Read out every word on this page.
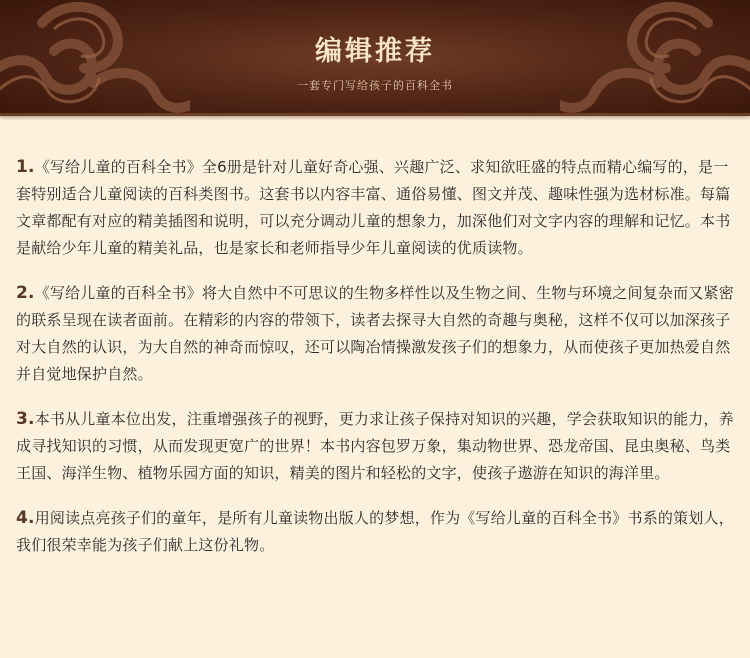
编辑推荐
一套专门写给孩子的百科全书

1.《写给儿童的百科全书》全6册是针对儿童好奇心强、兴趣广泛、求知欲旺盛的特点而精心编写的，是一套特别适合儿童阅读的百科类图书。这套书以内容丰富、通俗易懂、图文并茂、趣味性强为选材标准。每篇文章都配有对应的精美插图和说明，可以充分调动儿童的想象力，加深他们对文字内容的理解和记忆。本书是献给少年儿童的精美礼品，也是家长和老师指导少年儿童阅读的优质读物。

2.《写给儿童的百科全书》将大自然中不可思议的生物多样性以及生物之间、生物与环境之间复杂而又紧密的联系呈现在读者面前。在精彩的内容的带领下，读者去探寻大自然的奇趣与奥秘，这样不仅可以加深孩子对大自然的认识，为大自然的神奇而惊叹，还可以陶冶情操激发孩子们的想象力，从而使孩子更加热爱自然并自觉地保护自然。

3.本书从儿童本位出发，注重增强孩子的视野，更力求让孩子保持对知识的兴趣，学会获取知识的能力，养成寻找知识的习惯，从而发现更宽广的世界！本书内容包罗万象，集动物世界、恐龙帝国、昆虫奥秘、鸟类王国、海洋生物、植物乐园方面的知识，精美的图片和轻松的文字，使孩子遨游在知识的海洋里。

4.用阅读点亮孩子们的童年，是所有儿童读物出版人的梦想，作为《写给儿童的百科全书》书系的策划人，我们很荣幸能为孩子们献上这份礼物。
